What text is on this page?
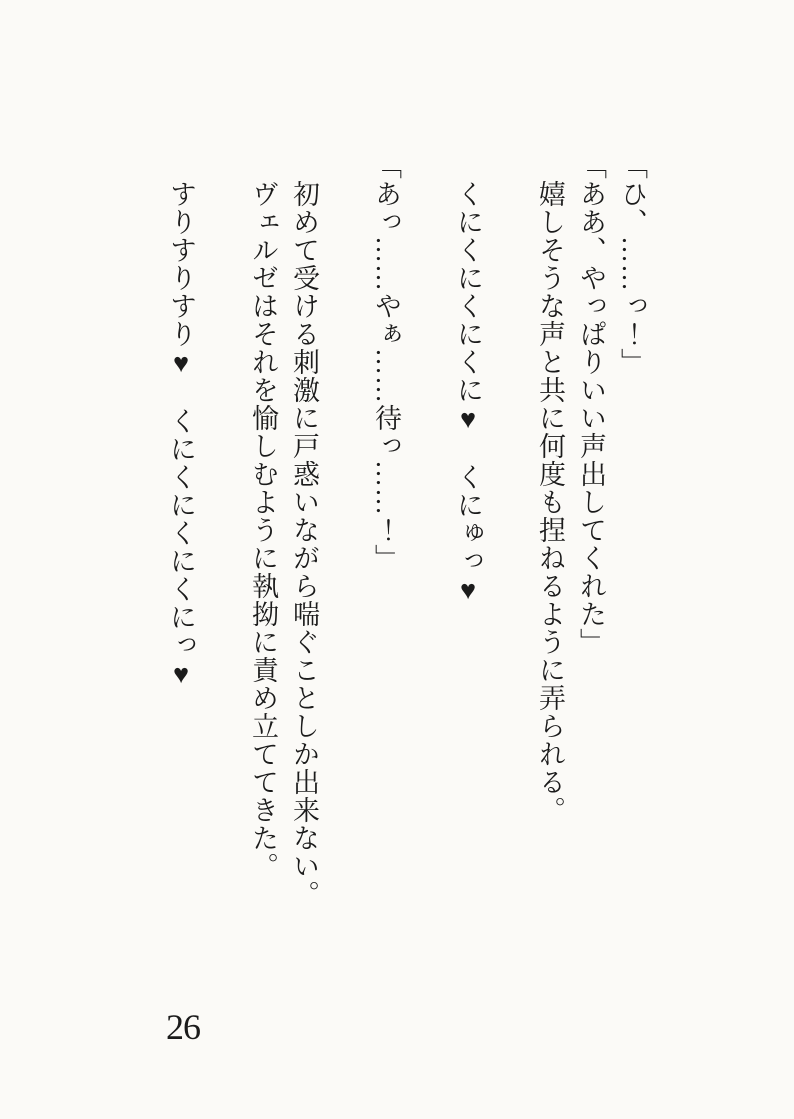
「ひ、……っ！」

「ああ、やっぱりいい声出してくれた」

　嬉しそうな声と共に何度も捏ねるように弄られる。

　くにくにくにくに♥　くにゅっ♥

「あっ……やぁ……待っ……！」

　初めて受ける刺激に戸惑いながら喘ぐことしか出来ない。

　ヴェルゼはそれを愉しむように執拗に責め立ててきた。

　すりすりすり♥　くにくにくにくにっ♥

26
